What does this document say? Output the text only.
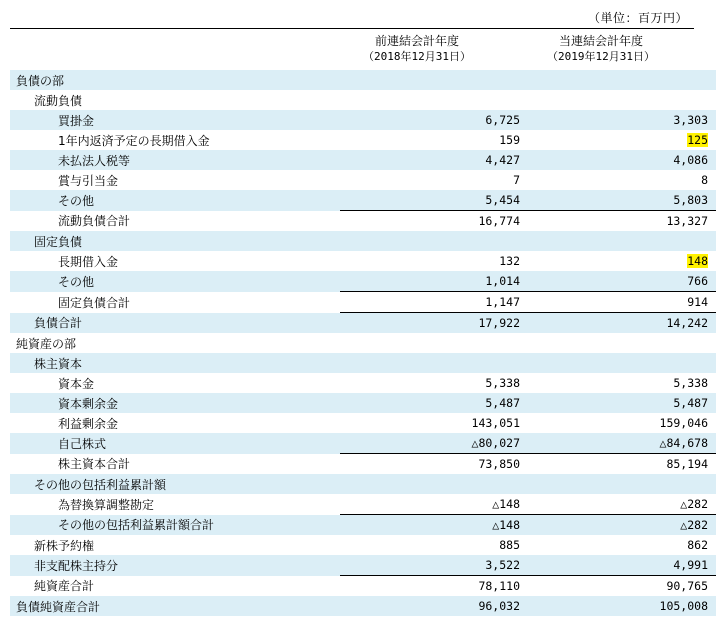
（単位：百万円）
前連結会計年度
（2018年12月31日）
当連結会計年度
（2019年12月31日）
負債の部		
流動負債		
買掛金	6,725	3,303
1年内返済予定の長期借入金	159	125
未払法人税等	4,427	4,086
賞与引当金	7	8
その他	5,454	5,803
流動負債合計	16,774	13,327
固定負債		
長期借入金	132	148
その他	1,014	766
固定負債合計	1,147	914
負債合計	17,922	14,242
純資産の部		
株主資本		
資本金	5,338	5,338
資本剰余金	5,487	5,487
利益剰余金	143,051	159,046
自己株式	△80,027	△84,678
株主資本合計	73,850	85,194
その他の包括利益累計額		
為替換算調整勘定	△148	△282
その他の包括利益累計額合計	△148	△282
新株予約権	885	862
非支配株主持分	3,522	4,991
純資産合計	78,110	90,765
負債純資産合計	96,032	105,008
